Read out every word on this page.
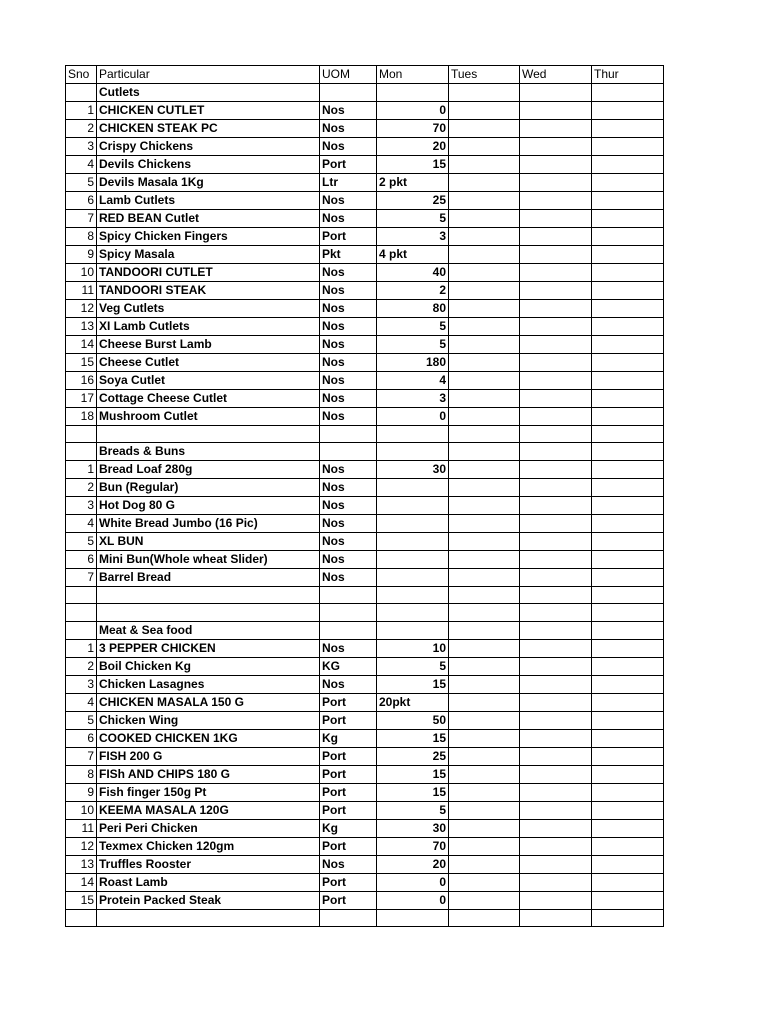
Sno	Particular	UOM	Mon	Tues	Wed	Thur
	Cutlets					
1	CHICKEN CUTLET	Nos	0			
2	CHICKEN STEAK PC	Nos	70			
3	Crispy Chickens	Nos	20			
4	Devils Chickens	Port	15			
5	Devils Masala 1Kg	Ltr	2 pkt			
6	Lamb Cutlets	Nos	25			
7	RED BEAN Cutlet	Nos	5			
8	Spicy Chicken Fingers	Port	3			
9	Spicy Masala	Pkt	4 pkt			
10	TANDOORI CUTLET	Nos	40			
11	TANDOORI STEAK	Nos	2			
12	Veg Cutlets	Nos	80			
13	XI Lamb Cutlets	Nos	5			
14	Cheese Burst Lamb	Nos	5			
15	Cheese Cutlet	Nos	180			
16	Soya Cutlet	Nos	4			
17	Cottage Cheese Cutlet	Nos	3			
18	Mushroom Cutlet	Nos	0			

	Breads & Buns					
1	Bread Loaf 280g	Nos	30			
2	Bun (Regular)	Nos				
3	Hot Dog 80 G	Nos				
4	White Bread Jumbo (16 Pic)	Nos				
5	XL BUN	Nos				
6	Mini Bun(Whole wheat Slider)	Nos				
7	Barrel Bread	Nos				

	Meat & Sea food					
1	3 PEPPER CHICKEN	Nos	10			
2	Boil Chicken Kg	KG	5			
3	Chicken Lasagnes	Nos	15			
4	CHICKEN MASALA 150 G	Port	20pkt			
5	Chicken Wing	Port	50			
6	COOKED CHICKEN 1KG	Kg	15			
7	FISH 200 G	Port	25			
8	FISh AND CHIPS 180 G	Port	15			
9	Fish finger 150g Pt	Port	15			
10	KEEMA MASALA 120G	Port	5			
11	Peri Peri Chicken	Kg	30			
12	Texmex Chicken 120gm	Port	70			
13	Truffles Rooster	Nos	20			
14	Roast Lamb	Port	0			
15	Protein Packed Steak	Port	0			
